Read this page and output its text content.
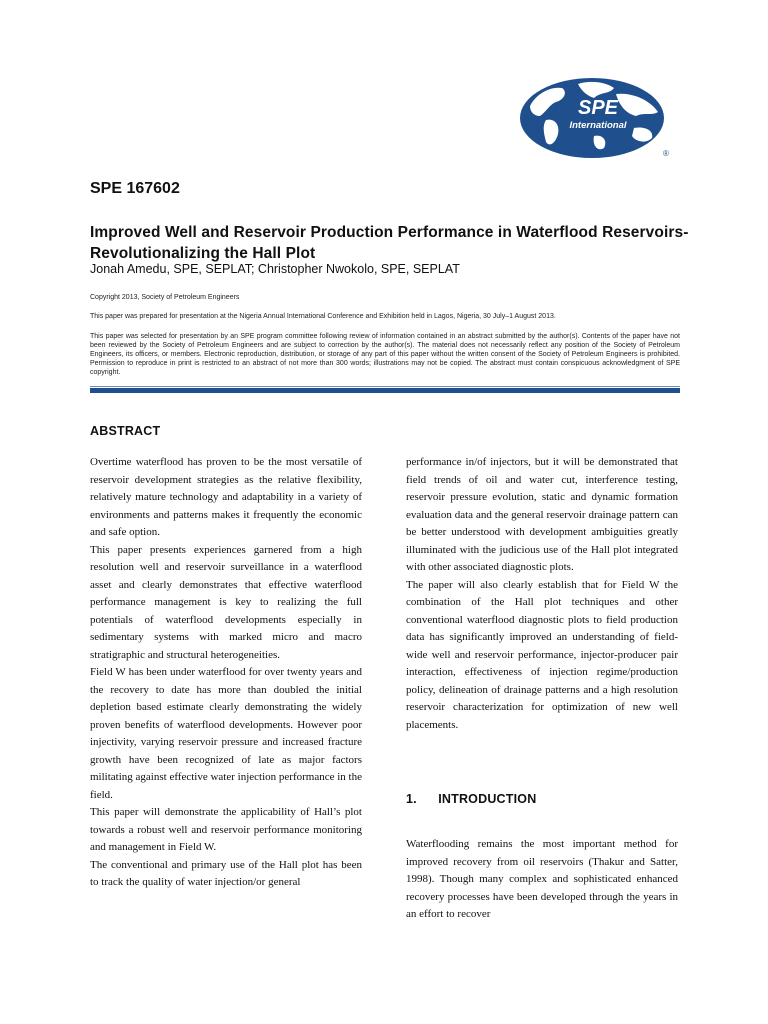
SPE
International
®
SPE 167602
Improved Well and Reservoir Production Performance in Waterflood Reservoirs-Revolutionalizing the Hall Plot
Jonah Amedu, SPE, SEPLAT; Christopher Nwokolo, SPE, SEPLAT
Copyright 2013, Society of Petroleum Engineers
This paper was prepared for presentation at the Nigeria Annual International Conference and Exhibition held in Lagos, Nigeria, 30 July–1 August 2013.
This paper was selected for presentation by an SPE program committee following review of information contained in an abstract submitted by the author(s). Contents of the paper have not been reviewed by the Society of Petroleum Engineers and are subject to correction by the author(s). The material does not necessarily reflect any position of the Society of Petroleum Engineers, its officers, or members. Electronic reproduction, distribution, or storage of any part of this paper without the written consent of the Society of Petroleum Engineers is prohibited. Permission to reproduce in print is restricted to an abstract of not more than 300 words; illustrations may not be copied. The abstract must contain conspicuous acknowledgment of SPE copyright.
ABSTRACT

Overtime waterflood has proven to be the most versatile of reservoir development strategies as the relative flexibility, relatively mature technology and adaptability in a variety of environments and patterns makes it frequently the economic and safe option.

This paper presents experiences garnered from a high resolution well and reservoir surveillance in a waterflood asset and clearly demonstrates that effective waterflood performance management is key to realizing the full potentials of waterflood developments especially in sedimentary systems with marked micro and macro stratigraphic and structural heterogeneities.

Field W has been under waterflood for over twenty years and the recovery to date has more than doubled the initial depletion based estimate clearly demonstrating the widely proven benefits of waterflood developments. However poor injectivity, varying reservoir pressure and increased fracture growth have been recognized of late as major factors militating against effective water injection performance in the field.

This paper will demonstrate the applicability of Hall’s plot towards a robust well and reservoir performance monitoring and management in Field W.

The conventional and primary use of the Hall plot has been to track the quality of water injection/or general

performance in/of injectors, but it will be demonstrated that field trends of oil and water cut, interference testing, reservoir pressure evolution, static and dynamic formation evaluation data and the general reservoir drainage pattern can be better understood with development ambiguities greatly illuminated with the judicious use of the Hall plot integrated with other associated diagnostic plots.

The paper will also clearly establish that for Field W the combination of the Hall plot techniques and other conventional waterflood diagnostic plots to field production data has significantly improved an understanding of field-wide well and reservoir performance, injector-producer pair interaction, effectiveness of injection regime/production policy, delineation of drainage patterns and a high resolution reservoir characterization for optimization of new well placements.

1. INTRODUCTION

Waterflooding remains the most important method for improved recovery from oil reservoirs (Thakur and Satter, 1998). Though many complex and sophisticated enhanced recovery processes have been developed through the years in an effort to recover
